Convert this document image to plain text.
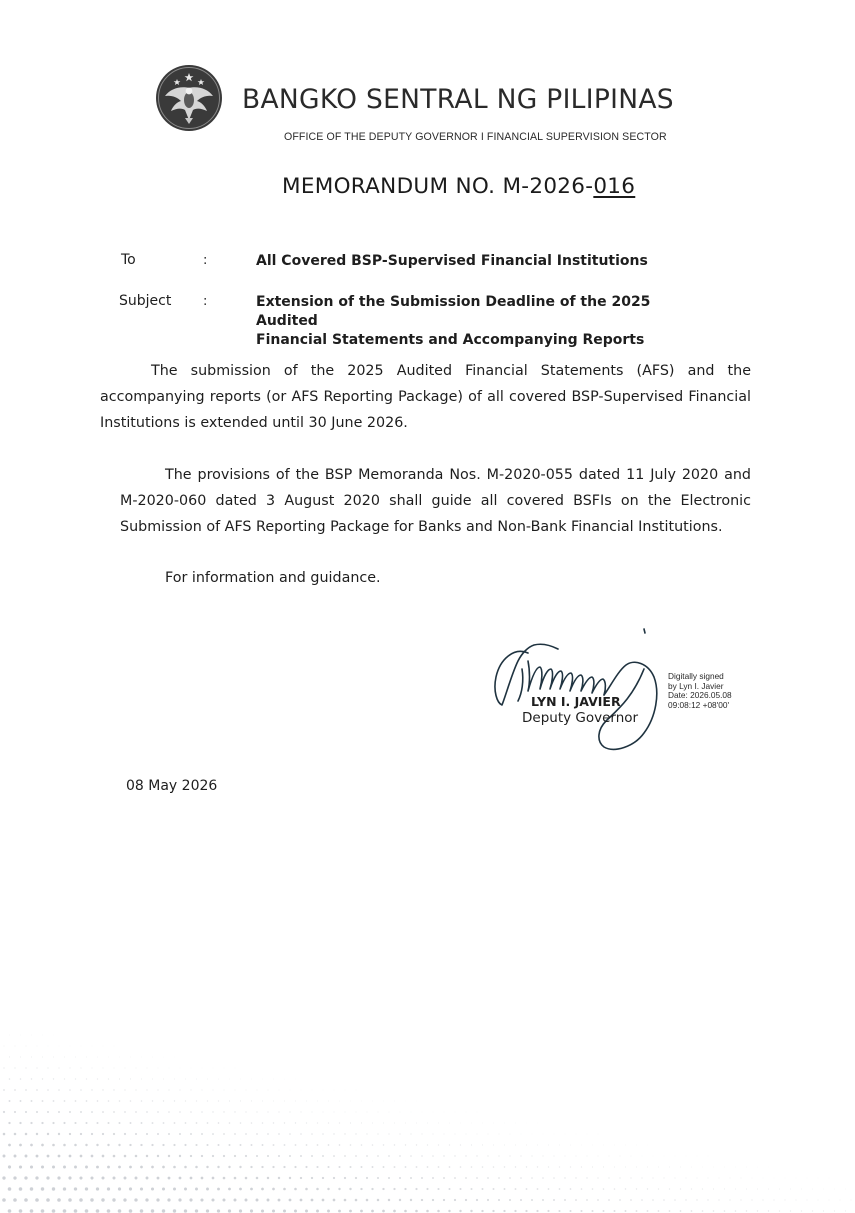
BANGKO SENTRAL NG PILIPINAS
OFFICE OF THE DEPUTY GOVERNOR I FINANCIAL SUPERVISION SECTOR
MEMORANDUM NO. M-2026-016
To	:	All Covered BSP-Supervised Financial Institutions
Subject :	Extension of the Submission Deadline of the 2025 Audited
Financial Statements and Accompanying Reports

The submission of the 2025 Audited Financial Statements (AFS) and the accompanying reports (or AFS Reporting Package) of all covered BSP-Supervised Financial Institutions is extended until 30 June 2026.

The provisions of the BSP Memoranda Nos. M-2020-055 dated 11 July 2020 and M-2020-060 dated 3 August 2020 shall guide all covered BSFIs on the Electronic Submission of AFS Reporting Package for Banks and Non-Bank Financial Institutions.

For information and guidance.

LYN I. JAVIER
Deputy Governor
Digitally signed
by Lyn I. Javier
Date: 2026.05.08
09:08:12 +08'00'
08 May 2026
